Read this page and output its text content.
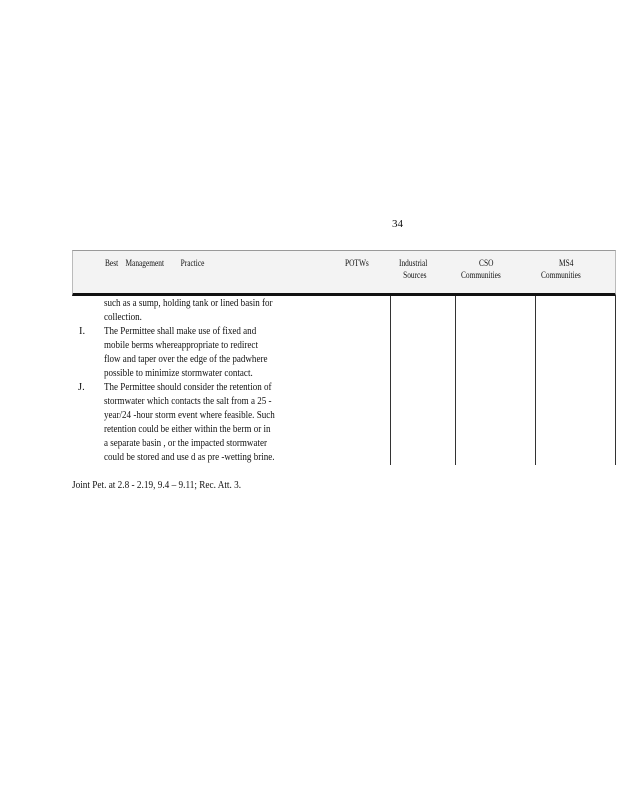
34
Best    Management         Practice	POTWs	Industrial
Sources
CSO
Communities
MS4
Communities
such as a sump, holding tank or lined basin for
collection.
I. The Permittee shall make use of fixed and
mobile berms whereappropriate to redirect
flow and taper over the edge of the padwhere
possible to minimize stormwater contact.
J. The Permittee should consider the retention of
stormwater which contacts the salt from a 25 -
year/24 -hour storm event where feasible. Such
retention could be either within the berm or in
a separate basin , or the impacted stormwater
could be stored and use d as pre -wetting brine.
Joint Pet. at 2.8 - 2.19, 9.4 – 9.11; Rec. Att. 3.
